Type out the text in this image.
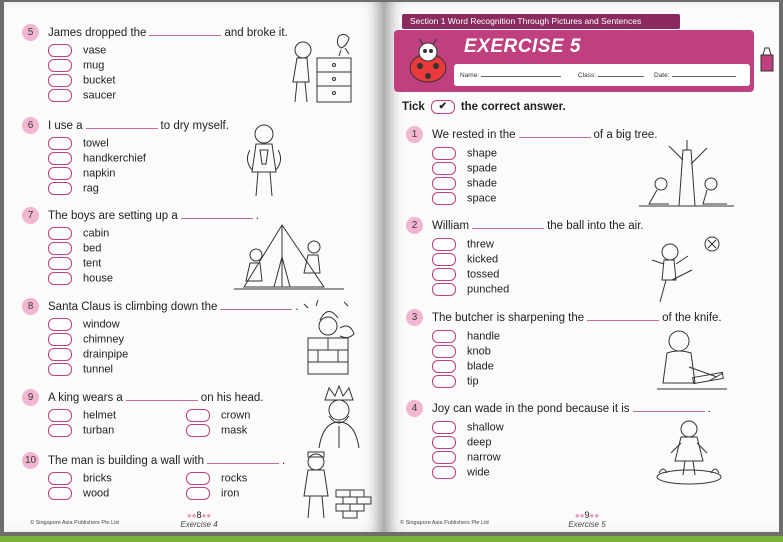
5	James dropped the	and broke it.
vase
mug
bucket
saucer
6	I use a	to dry myself.
towel
handkerchief
napkin
rag
7	The boys are setting up a	.
cabin
bed
tent
house
8	Santa Claus is climbing down the	.
window
chimney
drainpipe
tunnel
9	A king wears a	on his head.
helmet
turban
crown
mask
10 The man is building a wall with	.
bricks
wood
rocks
iron
© Singapore Asia Publishers Pte Ltd
●●8●●
Exercise 4
Section 1 Word Recognition Through Pictures and Sentences
EXERCISE 5
Name:	Class:	Date:
Tick ✔ the correct answer.
1	We rested in the	of a big tree.
shape
spade
shade
space
2	William	the ball into the air.
threw
kicked
tossed
punched
3	The butcher is sharpening the	of the knife.
handle
knob
blade
tip
4	Joy can wade in the pond because it is	.
shallow
deep
narrow
wide
© Singapore Asia Publishers Pte Ltd
●●9●●
Exercise 5
